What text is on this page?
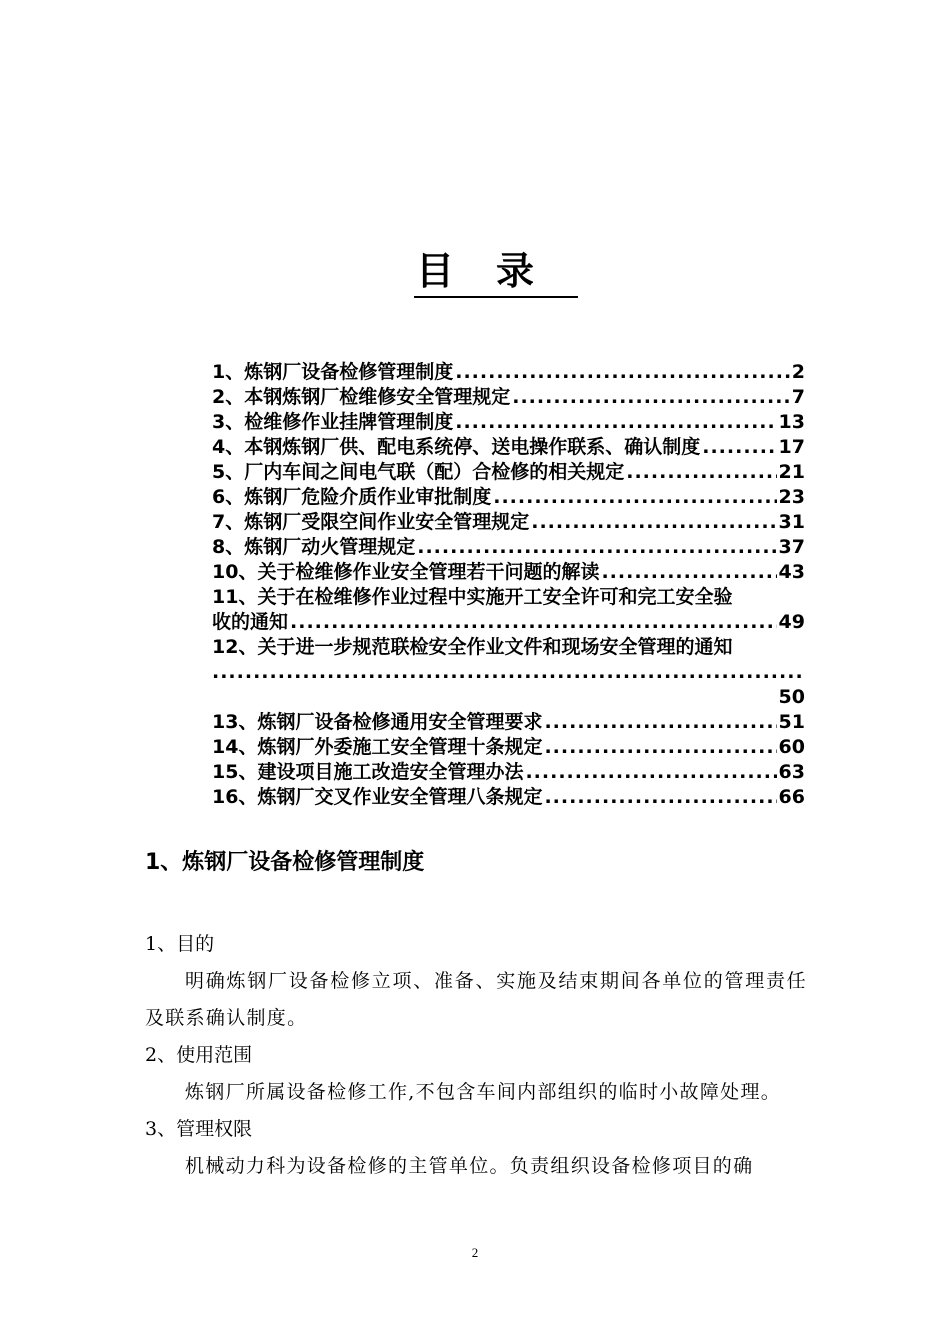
目录
1、炼钢厂设备检修管理制度 .....	2
2、本钢炼钢厂检维修安全管理规定 .....	7
3、检维修作业挂牌管理制度 .....	13
4、本钢炼钢厂供、配电系统停、送电操作联系、确认制度 .....	17
5、厂内车间之间电气联（配）合检修的相关规定 .....	21
6、炼钢厂危险介质作业审批制度 .....	23
7、炼钢厂受限空间作业安全管理规定 .....	31
8、炼钢厂动火管理规定 .....	37
10、关于检维修作业安全管理若干问题的解读 .....	43
11、关于在检维修作业过程中实施开工安全许可和完工安全验
收的通知 .....	49
12、关于进一步规范联检安全作业文件和现场安全管理的通知
.....
50
13、炼钢厂设备检修通用安全管理要求 .....	51
14、炼钢厂外委施工安全管理十条规定 .....	60
15、建设项目施工改造安全管理办法 .....	63
16、炼钢厂交叉作业安全管理八条规定 .....	66
1、炼钢厂设备检修管理制度
1、目的
明确炼钢厂设备检修立项、准备、实施及结束期间各单位的管理责任及联系确认制度。
2、使用范围
炼钢厂所属设备检修工作,不包含车间内部组织的临时小故障处理。
3、管理权限
机械动力科为设备检修的主管单位。负责组织设备检修项目的确
2
